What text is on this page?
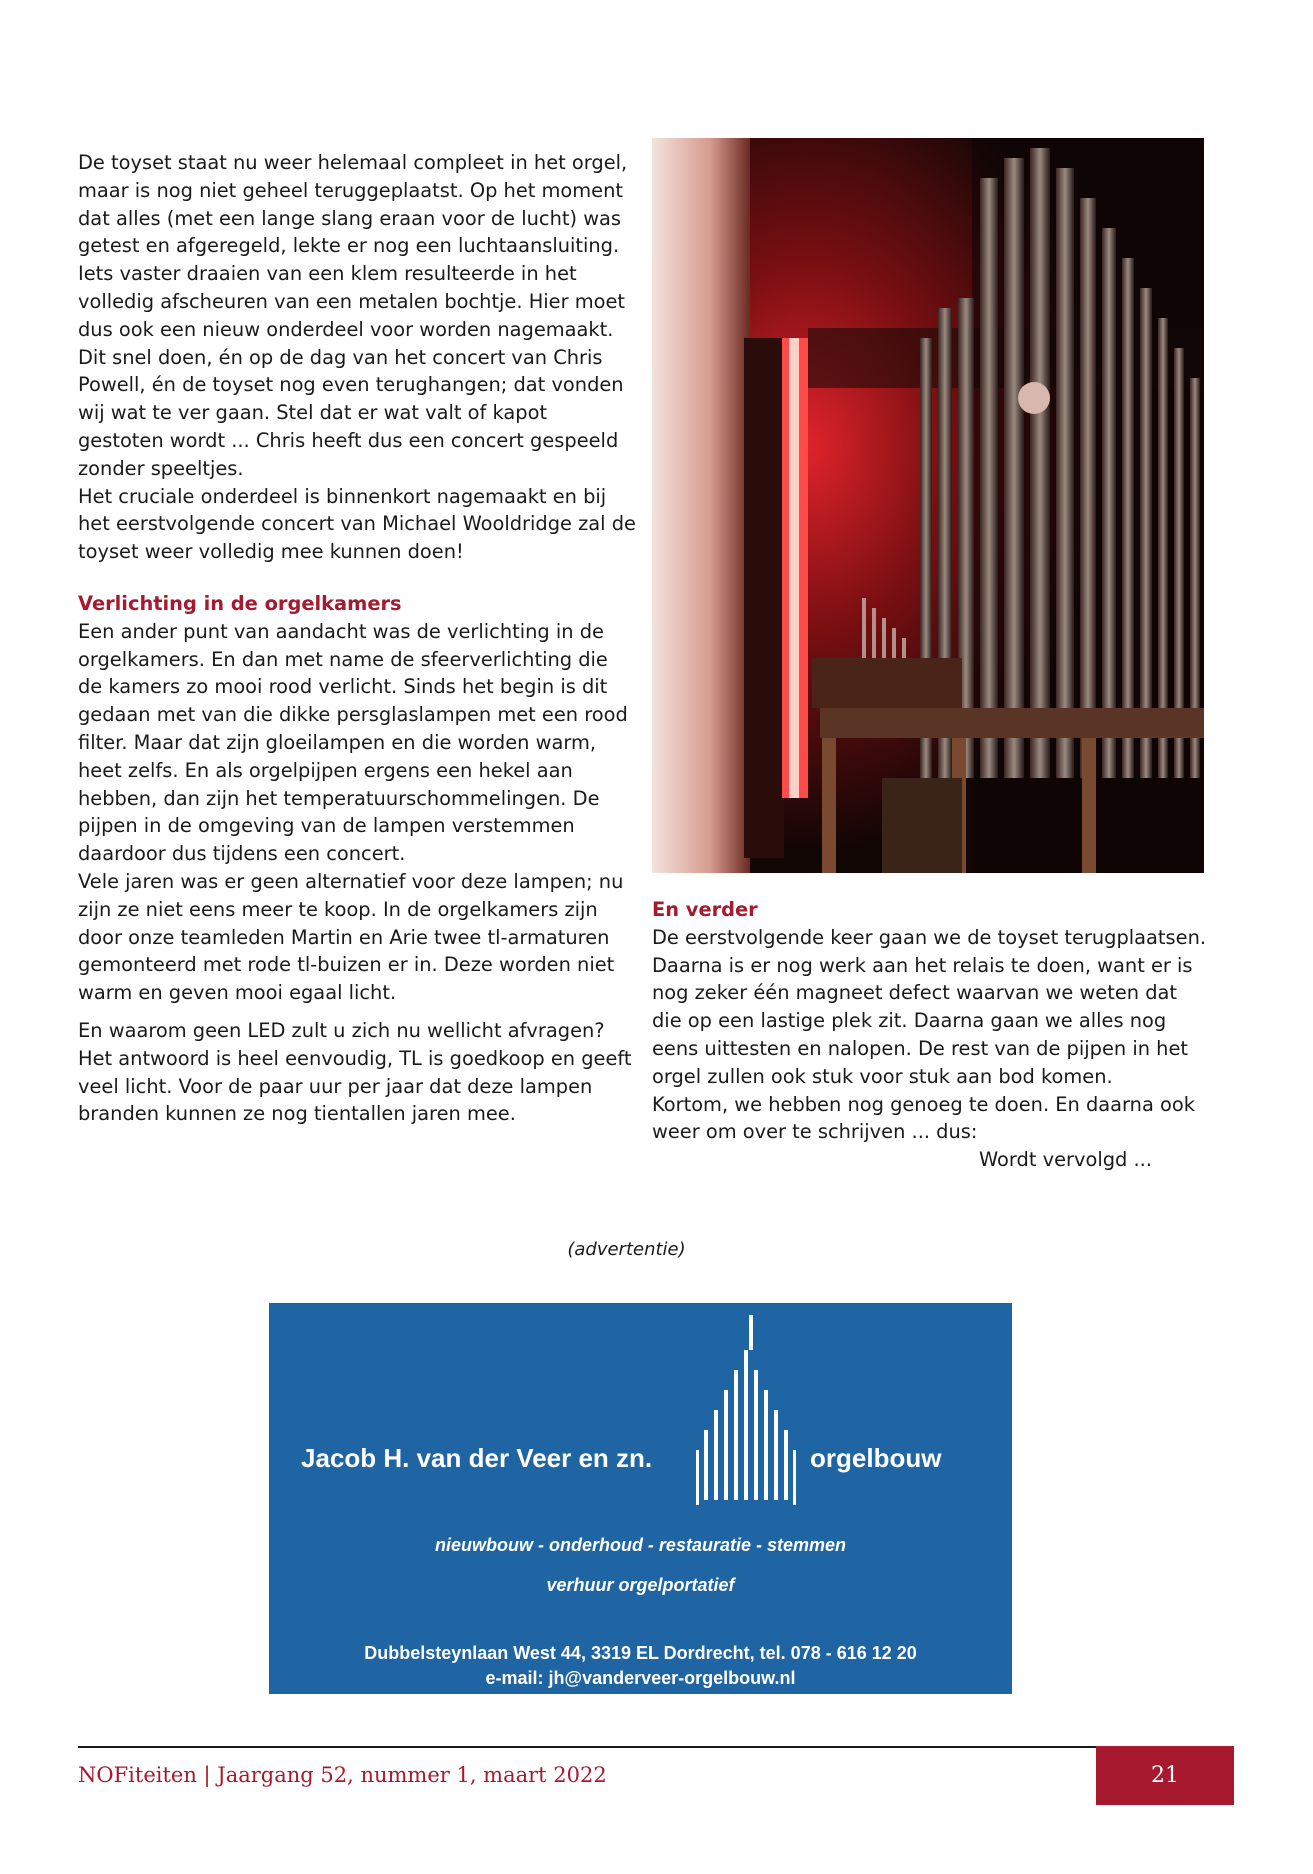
De toyset staat nu weer helemaal compleet in het orgel, maar is nog niet geheel teruggeplaatst. Op het moment dat alles (met een lange slang eraan voor de lucht) was getest en afgeregeld, lekte er nog een luchtaansluiting. Iets vaster draaien van een klem resulteerde in het volledig afscheuren van een metalen bochtje. Hier moet dus ook een nieuw onderdeel voor worden nagemaakt. Dit snel doen, én op de dag van het concert van Chris Powell, én de toyset nog even terughangen; dat vonden wij wat te ver gaan. Stel dat er wat valt of kapot gestoten wordt ... Chris heeft dus een concert gespeeld zonder speeltjes.

Het cruciale onderdeel is binnenkort nagemaakt en bij het eerstvolgende concert van Michael Wooldridge zal de toyset weer volledig mee kunnen doen!

Verlichting in de orgelkamers

Een ander punt van aandacht was de verlichting in de orgelkamers. En dan met name de sfeerverlichting die de kamers zo mooi rood verlicht. Sinds het begin is dit gedaan met van die dikke persglaslampen met een rood filter. Maar dat zijn gloeilampen en die worden warm, heet zelfs. En als orgelpijpen ergens een hekel aan hebben, dan zijn het temperatuurschommelingen. De pijpen in de omgeving van de lampen verstemmen daardoor dus tijdens een concert.

Vele jaren was er geen alternatief voor deze lampen; nu zijn ze niet eens meer te koop. In de orgelkamers zijn door onze teamleden Martin en Arie twee tl-armaturen gemonteerd met rode tl-buizen er in. Deze worden niet warm en geven mooi egaal licht.

En waarom geen LED zult u zich nu wellicht afvragen? Het antwoord is heel eenvoudig, TL is goedkoop en geeft veel licht. Voor de paar uur per jaar dat deze lampen branden kunnen ze nog tientallen jaren mee.

En verder

De eerstvolgende keer gaan we de toyset terugplaatsen. Daarna is er nog werk aan het relais te doen, want er is nog zeker één magneet defect waarvan we weten dat die op een lastige plek zit. Daarna gaan we alles nog eens uittesten en nalopen. De rest van de pijpen in het orgel zullen ook stuk voor stuk aan bod komen.

Kortom, we hebben nog genoeg te doen. En daarna ook weer om over te schrijven ... dus:

Wordt vervolgd ...

(advertentie)
Jacob H. van der Veer en zn.	orgelbouw
nieuwbouw - onderhoud - restauratie - stemmen
verhuur orgelportatief
Dubbelsteynlaan West 44, 3319 EL Dordrecht, tel. 078 - 616 12 20
e-mail: jh@vanderveer-orgelbouw.nl
NOFiteiten | Jaargang 52, nummer 1, maart 2022	21
